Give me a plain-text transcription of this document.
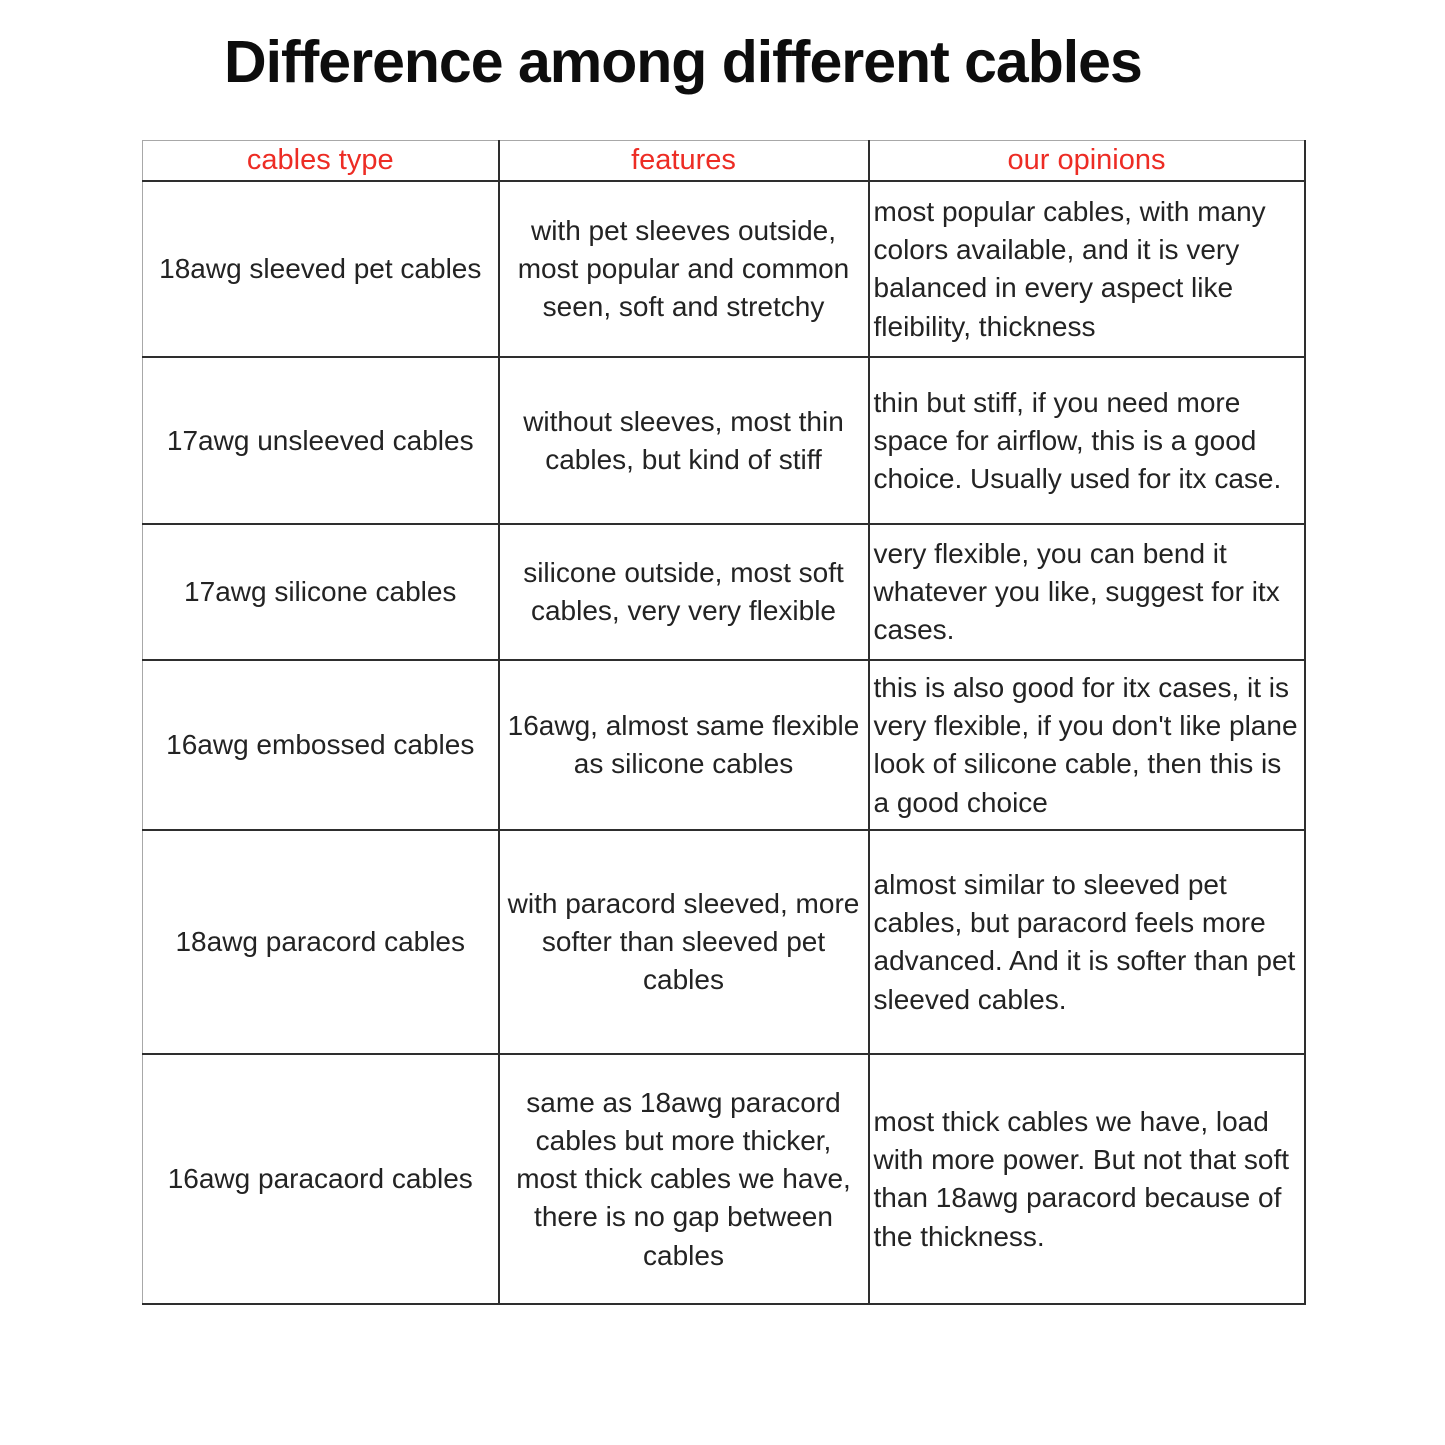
Difference among different cables
cables type	features	our opinions
18awg sleeved pet cables	with pet sleeves outside, most popular and common seen, soft and stretchy	most popular cables, with many colors available, and it is very balanced in every aspect like fleibility, thickness
17awg unsleeved cables	without sleeves, most thin cables, but kind of stiff	thin but stiff, if you need more space for airflow, this is a good choice. Usually used for itx case.
17awg silicone cables	silicone outside, most soft cables, very very flexible	very flexible, you can bend it whatever you like, suggest for itx cases.
16awg embossed cables	16awg, almost same flexible as silicone cables	this is also good for itx cases, it is very flexible, if you don't like plane look of silicone cable, then this is a good choice
18awg paracord cables	with paracord sleeved, more softer than sleeved pet cables	almost similar to sleeved pet cables, but paracord feels more advanced. And it is softer than pet sleeved cables.
16awg paracaord cables	same as 18awg paracord cables but more thicker, most thick cables we have, there is no gap between cables	most thick cables we have, load with more power. But not that soft than 18awg paracord because of the thickness.
